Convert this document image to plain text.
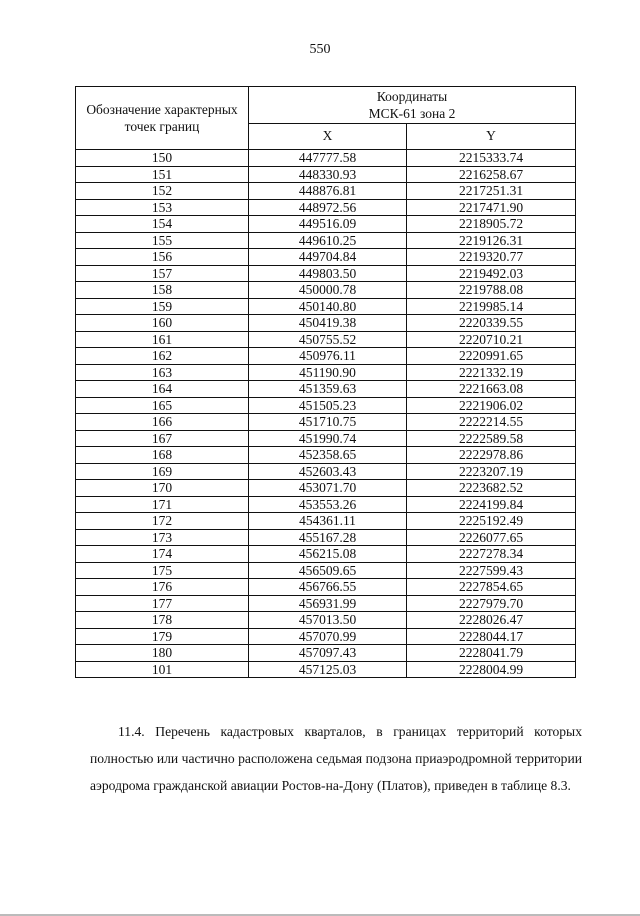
550
Обозначение характерных точек границ	Координаты
МСК-61 зона 2	

	X	Y
150	447777.58	2215333.74
151	448330.93	2216258.67
152	448876.81	2217251.31
153	448972.56	2217471.90
154	449516.09	2218905.72
155	449610.25	2219126.31
156	449704.84	2219320.77
157	449803.50	2219492.03
158	450000.78	2219788.08
159	450140.80	2219985.14
160	450419.38	2220339.55
161	450755.52	2220710.21
162	450976.11	2220991.65
163	451190.90	2221332.19
164	451359.63	2221663.08
165	451505.23	2221906.02
166	451710.75	2222214.55
167	451990.74	2222589.58
168	452358.65	2222978.86
169	452603.43	2223207.19
170	453071.70	2223682.52
171	453553.26	2224199.84
172	454361.11	2225192.49
173	455167.28	2226077.65
174	456215.08	2227278.34
175	456509.65	2227599.43
176	456766.55	2227854.65
177	456931.99	2227979.70
178	457013.50	2228026.47
179	457070.99	2228044.17
180	457097.43	2228041.79
101	457125.03	2228004.99
11.4. Перечень кадастровых кварталов, в границах территорий которых полностью или частично расположена седьмая подзона приаэродромной территории аэродрома гражданской авиации Ростов-на-Дону (Платов), приведен в таблице 8.3.
